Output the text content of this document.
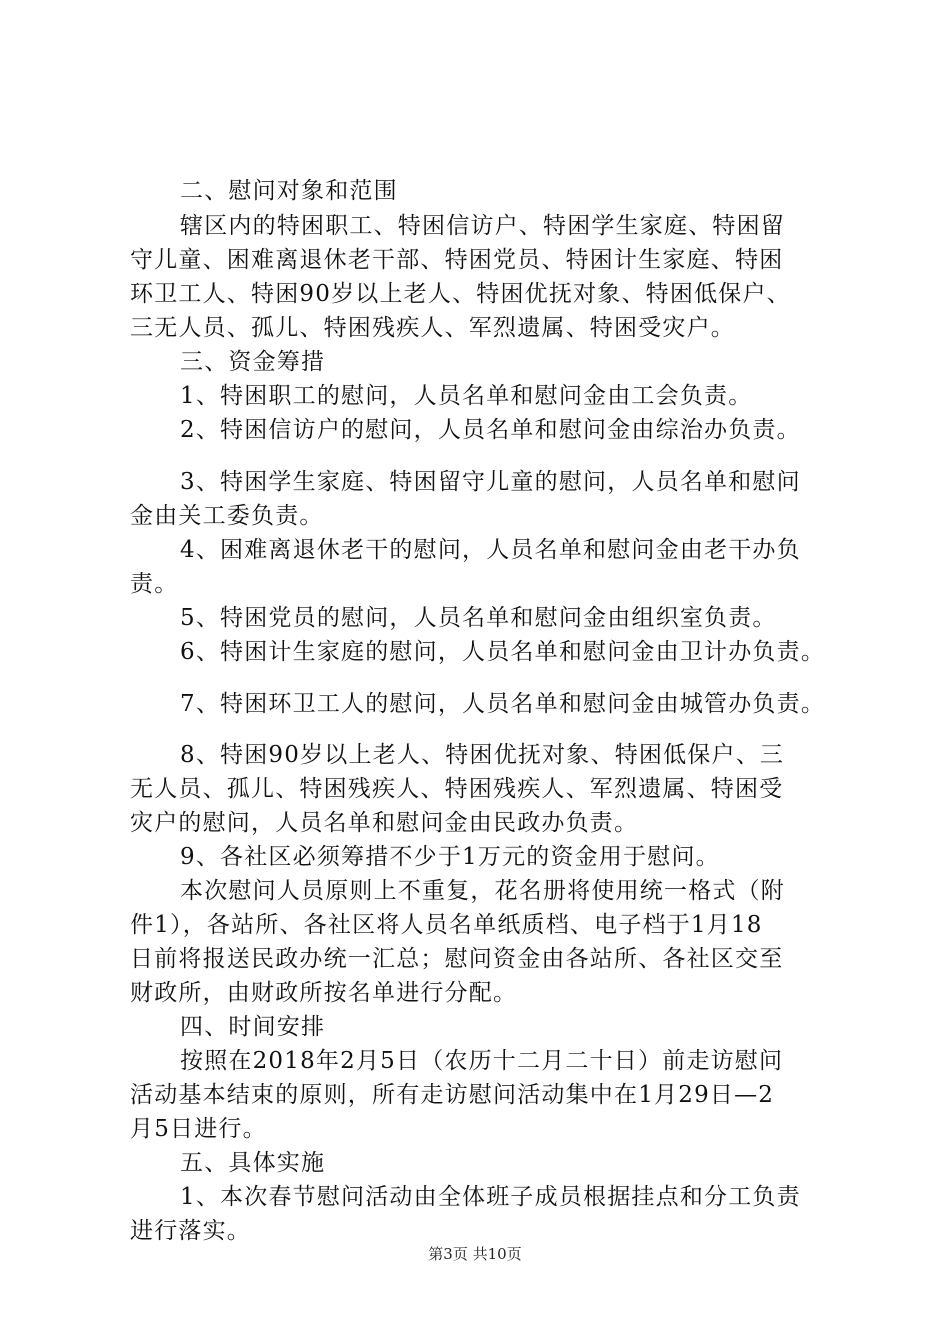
二、慰问对象和范围
辖区内的特困职工、特困信访户、特困学生家庭、特困留
守儿童、困难离退休老干部、特困党员、特困计生家庭、特困
环卫工人、特困90岁以上老人、特困优抚对象、特困低保户、
三无人员、孤儿、特困残疾人、军烈遗属、特困受灾户。
三、资金筹措
1、特困职工的慰问，人员名单和慰问金由工会负责。
2、特困信访户的慰问，人员名单和慰问金由综治办负责。
3、特困学生家庭、特困留守儿童的慰问，人员名单和慰问
金由关工委负责。
4、困难离退休老干的慰问，人员名单和慰问金由老干办负
责。
5、特困党员的慰问，人员名单和慰问金由组织室负责。
6、特困计生家庭的慰问，人员名单和慰问金由卫计办负责。
7、特困环卫工人的慰问，人员名单和慰问金由城管办负责。
8、特困90岁以上老人、特困优抚对象、特困低保户、三
无人员、孤儿、特困残疾人、特困残疾人、军烈遗属、特困受
灾户的慰问，人员名单和慰问金由民政办负责。
9、各社区必须筹措不少于1万元的资金用于慰问。
本次慰问人员原则上不重复，花名册将使用统一格式（附
件1），各站所、各社区将人员名单纸质档、电子档于1月18
日前将报送民政办统一汇总；慰问资金由各站所、各社区交至
财政所，由财政所按名单进行分配。
四、时间安排
按照在2018年2月5日（农历十二月二十日）前走访慰问
活动基本结束的原则，所有走访慰问活动集中在1月29日—2
月5日进行。
五、具体实施
1、本次春节慰问活动由全体班子成员根据挂点和分工负责
进行落实。
第3页 共10页
